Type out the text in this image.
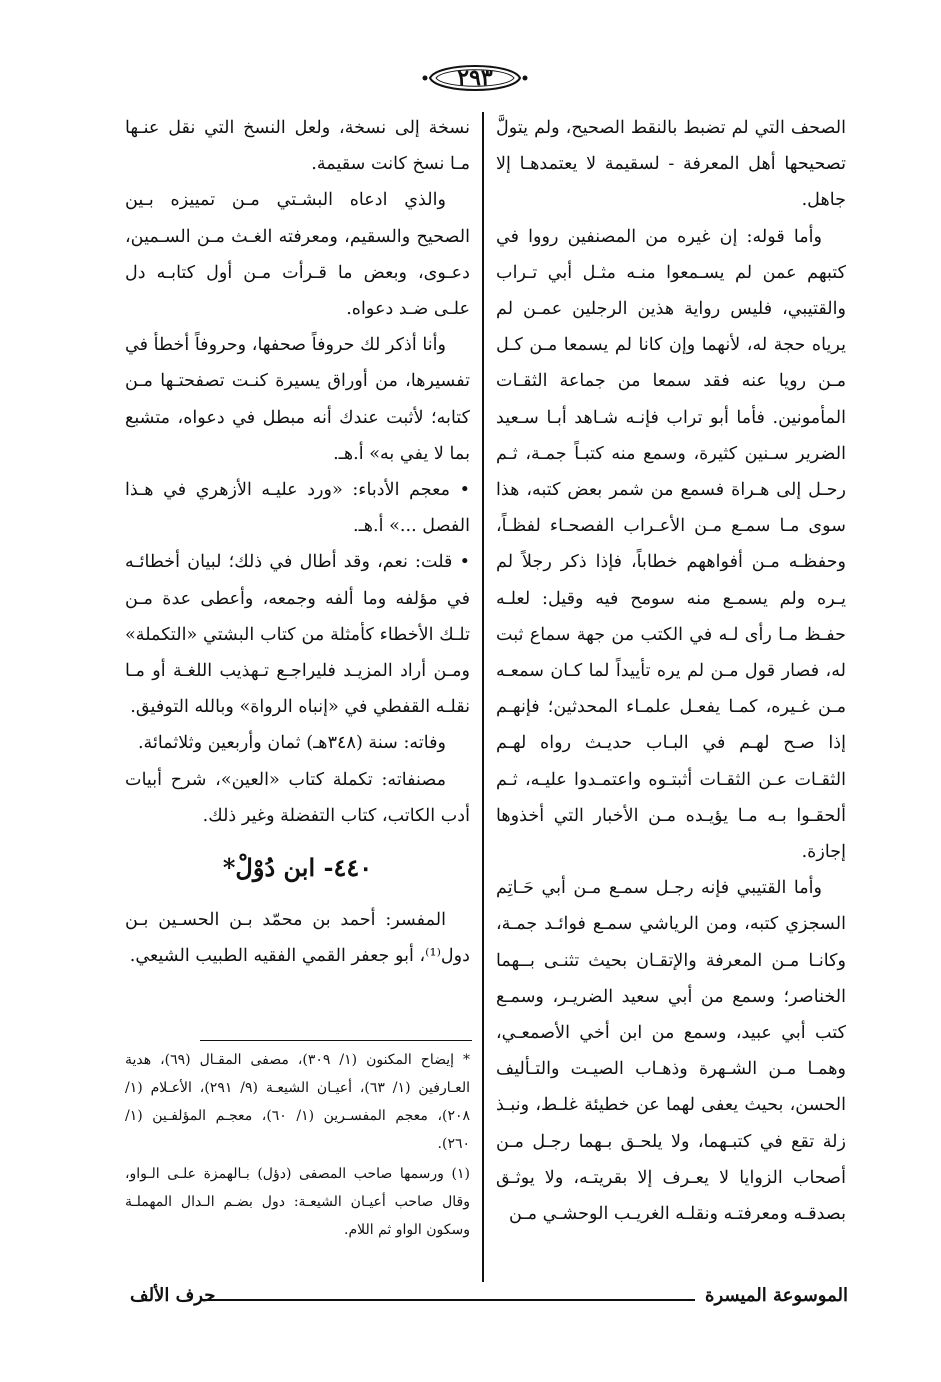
٢٩٣

الصحف التي لم تضبط بالنقط الصحيح، ولم يتولَّ تصحيحها أهل المعرفة - لسقيمة لا يعتمدهـا إلا جاهل.

وأما قوله: إن غيره من المصنفين رووا في كتبهم عمن لم يسـمعوا منـه مثـل أبي تـراب والقتيبي، فليس رواية هذين الرجلين عمـن لم يرياه حجة له، لأنهما وإن كانا لم يسمعا مـن كـل مـن رويا عنه فقد سمعا من جماعة الثقـات المأمونين. فأما أبو تراب فإنـه شـاهد أبـا سـعيد الضرير سـنين كثيرة، وسمع منه كتبـاً جمـة، ثـم رحـل إلى هـراة فسمع من شمر بعض كتبه، هذا سوى مـا سمـع مـن الأعـراب الفصحـاء لفظـاً، وحفظـه مـن أفواههم خطاباً، فإذا ذكر رجلاً لم يـره ولم يسمـع منه سومح فيه وقيل: لعلـه حفـظ مـا رأى لـه في الكتب من جهة سماع ثبت له، فصار قول مـن لم يره تأييداً لما كـان سمعـه مـن غـيره، كمـا يفعـل علمـاء المحدثين؛ فإنهـم إذا صـح لهـم في البـاب حديـث رواه لهـم الثقـات عـن الثقـات أثبتـوه واعتمـدوا عليـه، ثـم ألحقـوا بـه مـا يؤيـده مـن الأخبار التي أخذوها إجازة.

وأما القتيبي فإنه رجـل سمـع مـن أبي حَـاتِم السجزي كتبه، ومن الرياشي سمـع فوائـد جمـة، وكانـا مـن المعرفة والإتقـان بحيث تثنـى بــهما الخناصر؛ وسمع من أبي سعيد الضريـر، وسمـع كتب أبي عبيد، وسمع من ابن أخي الأصمعـي، وهمـا مـن الشـهرة وذهـاب الصيـت والتـأليف الحسن، بحيث يعفى لهما عن خطيئة غلـط، ونبـذ زلة تقع في كتبـهما، ولا يلحـق بـهما رجـل مـن أصحاب الزوايا لا يعـرف إلا بقريتـه، ولا يوثـق بصدقـه ومعرفتـه ونقلـه الغريـب الوحشـي مـن

نسخة إلى نسخة، ولعل النسخ التي نقل عنـها مـا نسخ كانت سقيمة.

والذي ادعاه البشـتي مـن تمييزه بـين الصحيح والسقيم، ومعرفته الغـث مـن السـمين، دعـوى، وبعض ما قـرأت مـن أول كتابـه دل علـى ضـد دعواه.

وأنا أذكر لك حروفاً صحفها، وحروفاً أخطأ في تفسيرها، من أوراق يسيرة كنـت تصفحتـها مـن كتابه؛ لأثبت عندك أنه مبطل في دعواه، متشبع بما لا يفي به» أ.هـ.

• معجم الأدباء: «ورد عليـه الأزهري في هـذا الفصل ...» أ.هـ.

• قلت: نعم، وقد أطال في ذلك؛ لبيان أخطائـه في مؤلفه وما ألفه وجمعه، وأعطى عدة مـن تلـك الأخطاء كأمثلة من كتاب البشتي «التكملة» ومـن أراد المزيـد فليراجـع تـهذيب اللغـة أو مـا نقلـه القفطي في «إنباه الرواة» وبالله التوفيق.

وفاته: سنة (٣٤٨هـ) ثمان وأربعين وثلاثمائة.

مصنفاته: تكملة كتاب «العين»، شرح أبيات أدب الكاتب، كتاب التفضلة وغير ذلك.

٤٤٠- ابن دُوْلْ*

المفسر: أحمد بن محمّد بـن الحسـين بـن دول⁽¹⁾، أبو جعفر القمي الفقيه الطبيب الشيعي.

* إيضاح المكنون (١/ ٣٠٩)، مصفى المقـال (٦٩)، هدية العـارفين (١/ ٦٣)، أعيـان الشيعـة (٩/ ٢٩١)، الأعـلام (١/ ٢٠٨)، معجم المفسـرين (١/ ٦٠)، معجـم المؤلفـين (١/ ٢٦٠).

(١) ورسمها صاحب المصفى (دؤل) بـالهمزة علـى الـواو، وقال صاحب أعيـان الشيعـة: دول بضـم الـدال المهملـة وسكون الواو ثم اللام.

الموسوعة الميسرة
حرف الألف
